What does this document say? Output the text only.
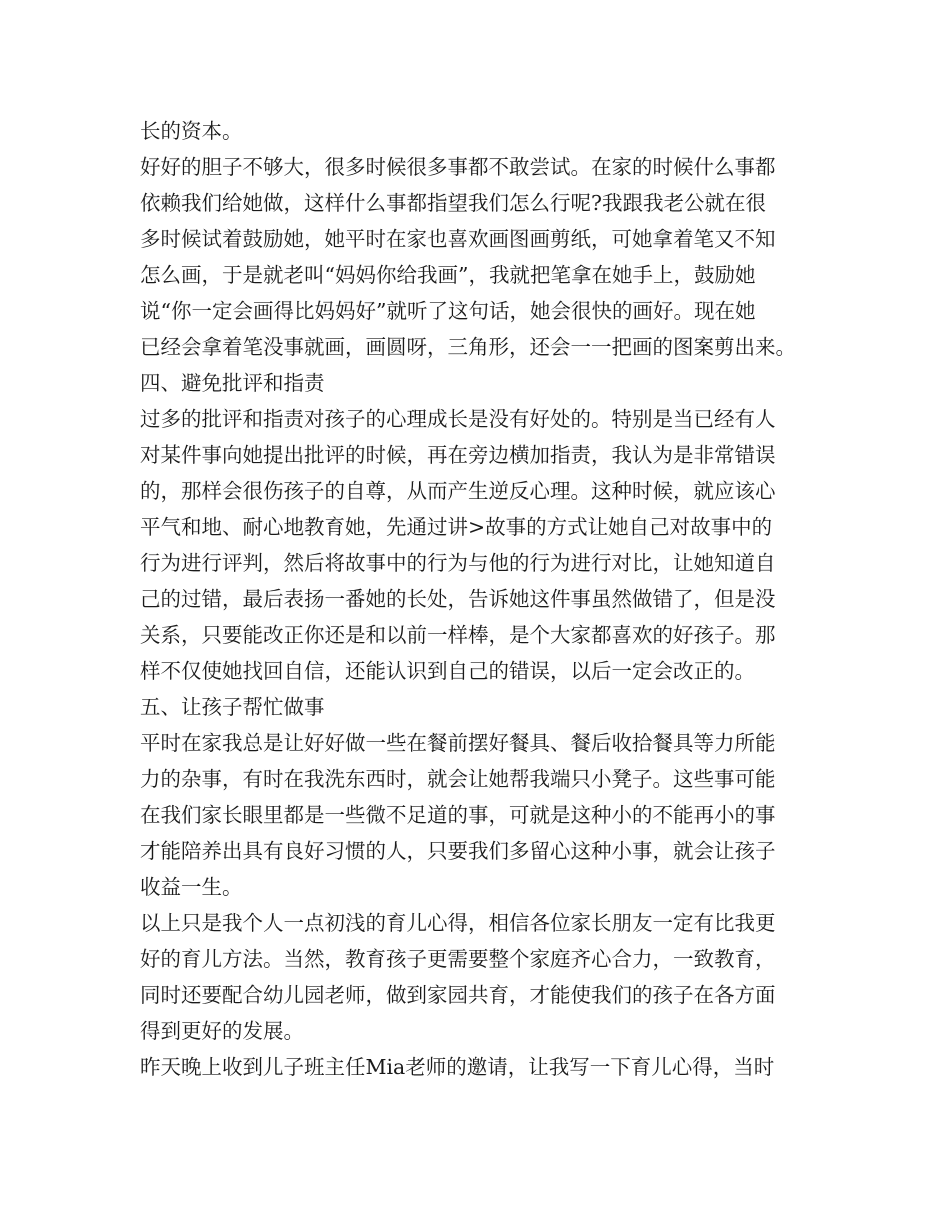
长的资本。
好好的胆子不够大，很多时候很多事都不敢尝试。在家的时候什么事都
依赖我们给她做，这样什么事都指望我们怎么行呢?我跟我老公就在很
多时候试着鼓励她，她平时在家也喜欢画图画剪纸，可她拿着笔又不知
怎么画，于是就老叫“妈妈你给我画”，我就把笔拿在她手上，鼓励她
说“你一定会画得比妈妈好”就听了这句话，她会很快的画好。现在她
已经会拿着笔没事就画，画圆呀，三角形，还会一一把画的图案剪出来。
四、避免批评和指责
过多的批评和指责对孩子的心理成长是没有好处的。特别是当已经有人
对某件事向她提出批评的时候，再在旁边横加指责，我认为是非常错误
的，那样会很伤孩子的自尊，从而产生逆反心理。这种时候，就应该心
平气和地、耐心地教育她，先通过讲>故事的方式让她自己对故事中的
行为进行评判，然后将故事中的行为与他的行为进行对比，让她知道自
己的过错，最后表扬一番她的长处，告诉她这件事虽然做错了，但是没
关系，只要能改正你还是和以前一样棒，是个大家都喜欢的好孩子。那
样不仅使她找回自信，还能认识到自己的错误，以后一定会改正的。
五、让孩子帮忙做事
平时在家我总是让好好做一些在餐前摆好餐具、餐后收拾餐具等力所能
力的杂事，有时在我洗东西时，就会让她帮我端只小凳子。这些事可能
在我们家长眼里都是一些微不足道的事，可就是这种小的不能再小的事
才能陪养出具有良好习惯的人，只要我们多留心这种小事，就会让孩子
收益一生。
以上只是我个人一点初浅的育儿心得，相信各位家长朋友一定有比我更
好的育儿方法。当然，教育孩子更需要整个家庭齐心合力，一致教育，
同时还要配合幼儿园老师，做到家园共育，才能使我们的孩子在各方面
得到更好的发展。
昨天晚上收到儿子班主任Mia老师的邀请，让我写一下育儿心得，当时
